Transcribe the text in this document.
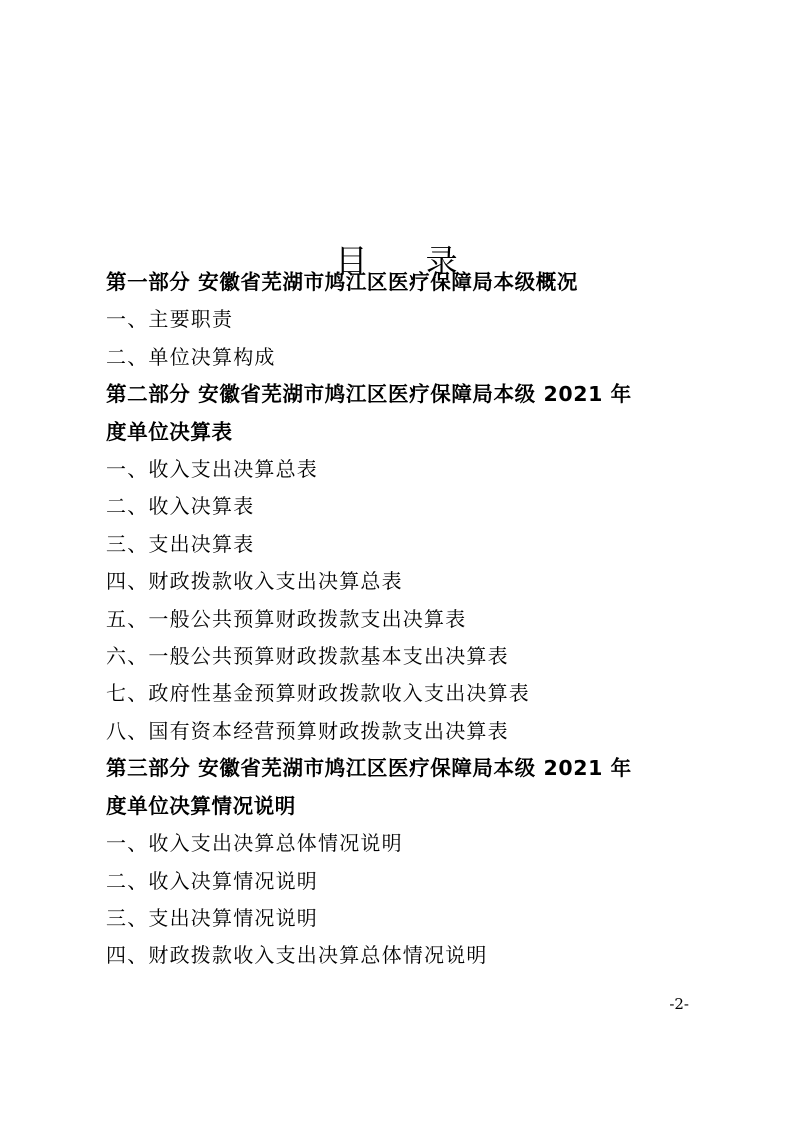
目 录

第一部分 安徽省芜湖市鸠江区医疗保障局本级概况

一、主要职责

二、单位决算构成

第二部分 安徽省芜湖市鸠江区医疗保障局本级 2021 年
度单位决算表

一、收入支出决算总表

二、收入决算表

三、支出决算表

四、财政拨款收入支出决算总表

五、一般公共预算财政拨款支出决算表

六、一般公共预算财政拨款基本支出决算表

七、政府性基金预算财政拨款收入支出决算表

八、国有资本经营预算财政拨款支出决算表

第三部分 安徽省芜湖市鸠江区医疗保障局本级 2021 年
度单位决算情况说明

一、收入支出决算总体情况说明

二、收入决算情况说明

三、支出决算情况说明

四、财政拨款收入支出决算总体情况说明

-2-
